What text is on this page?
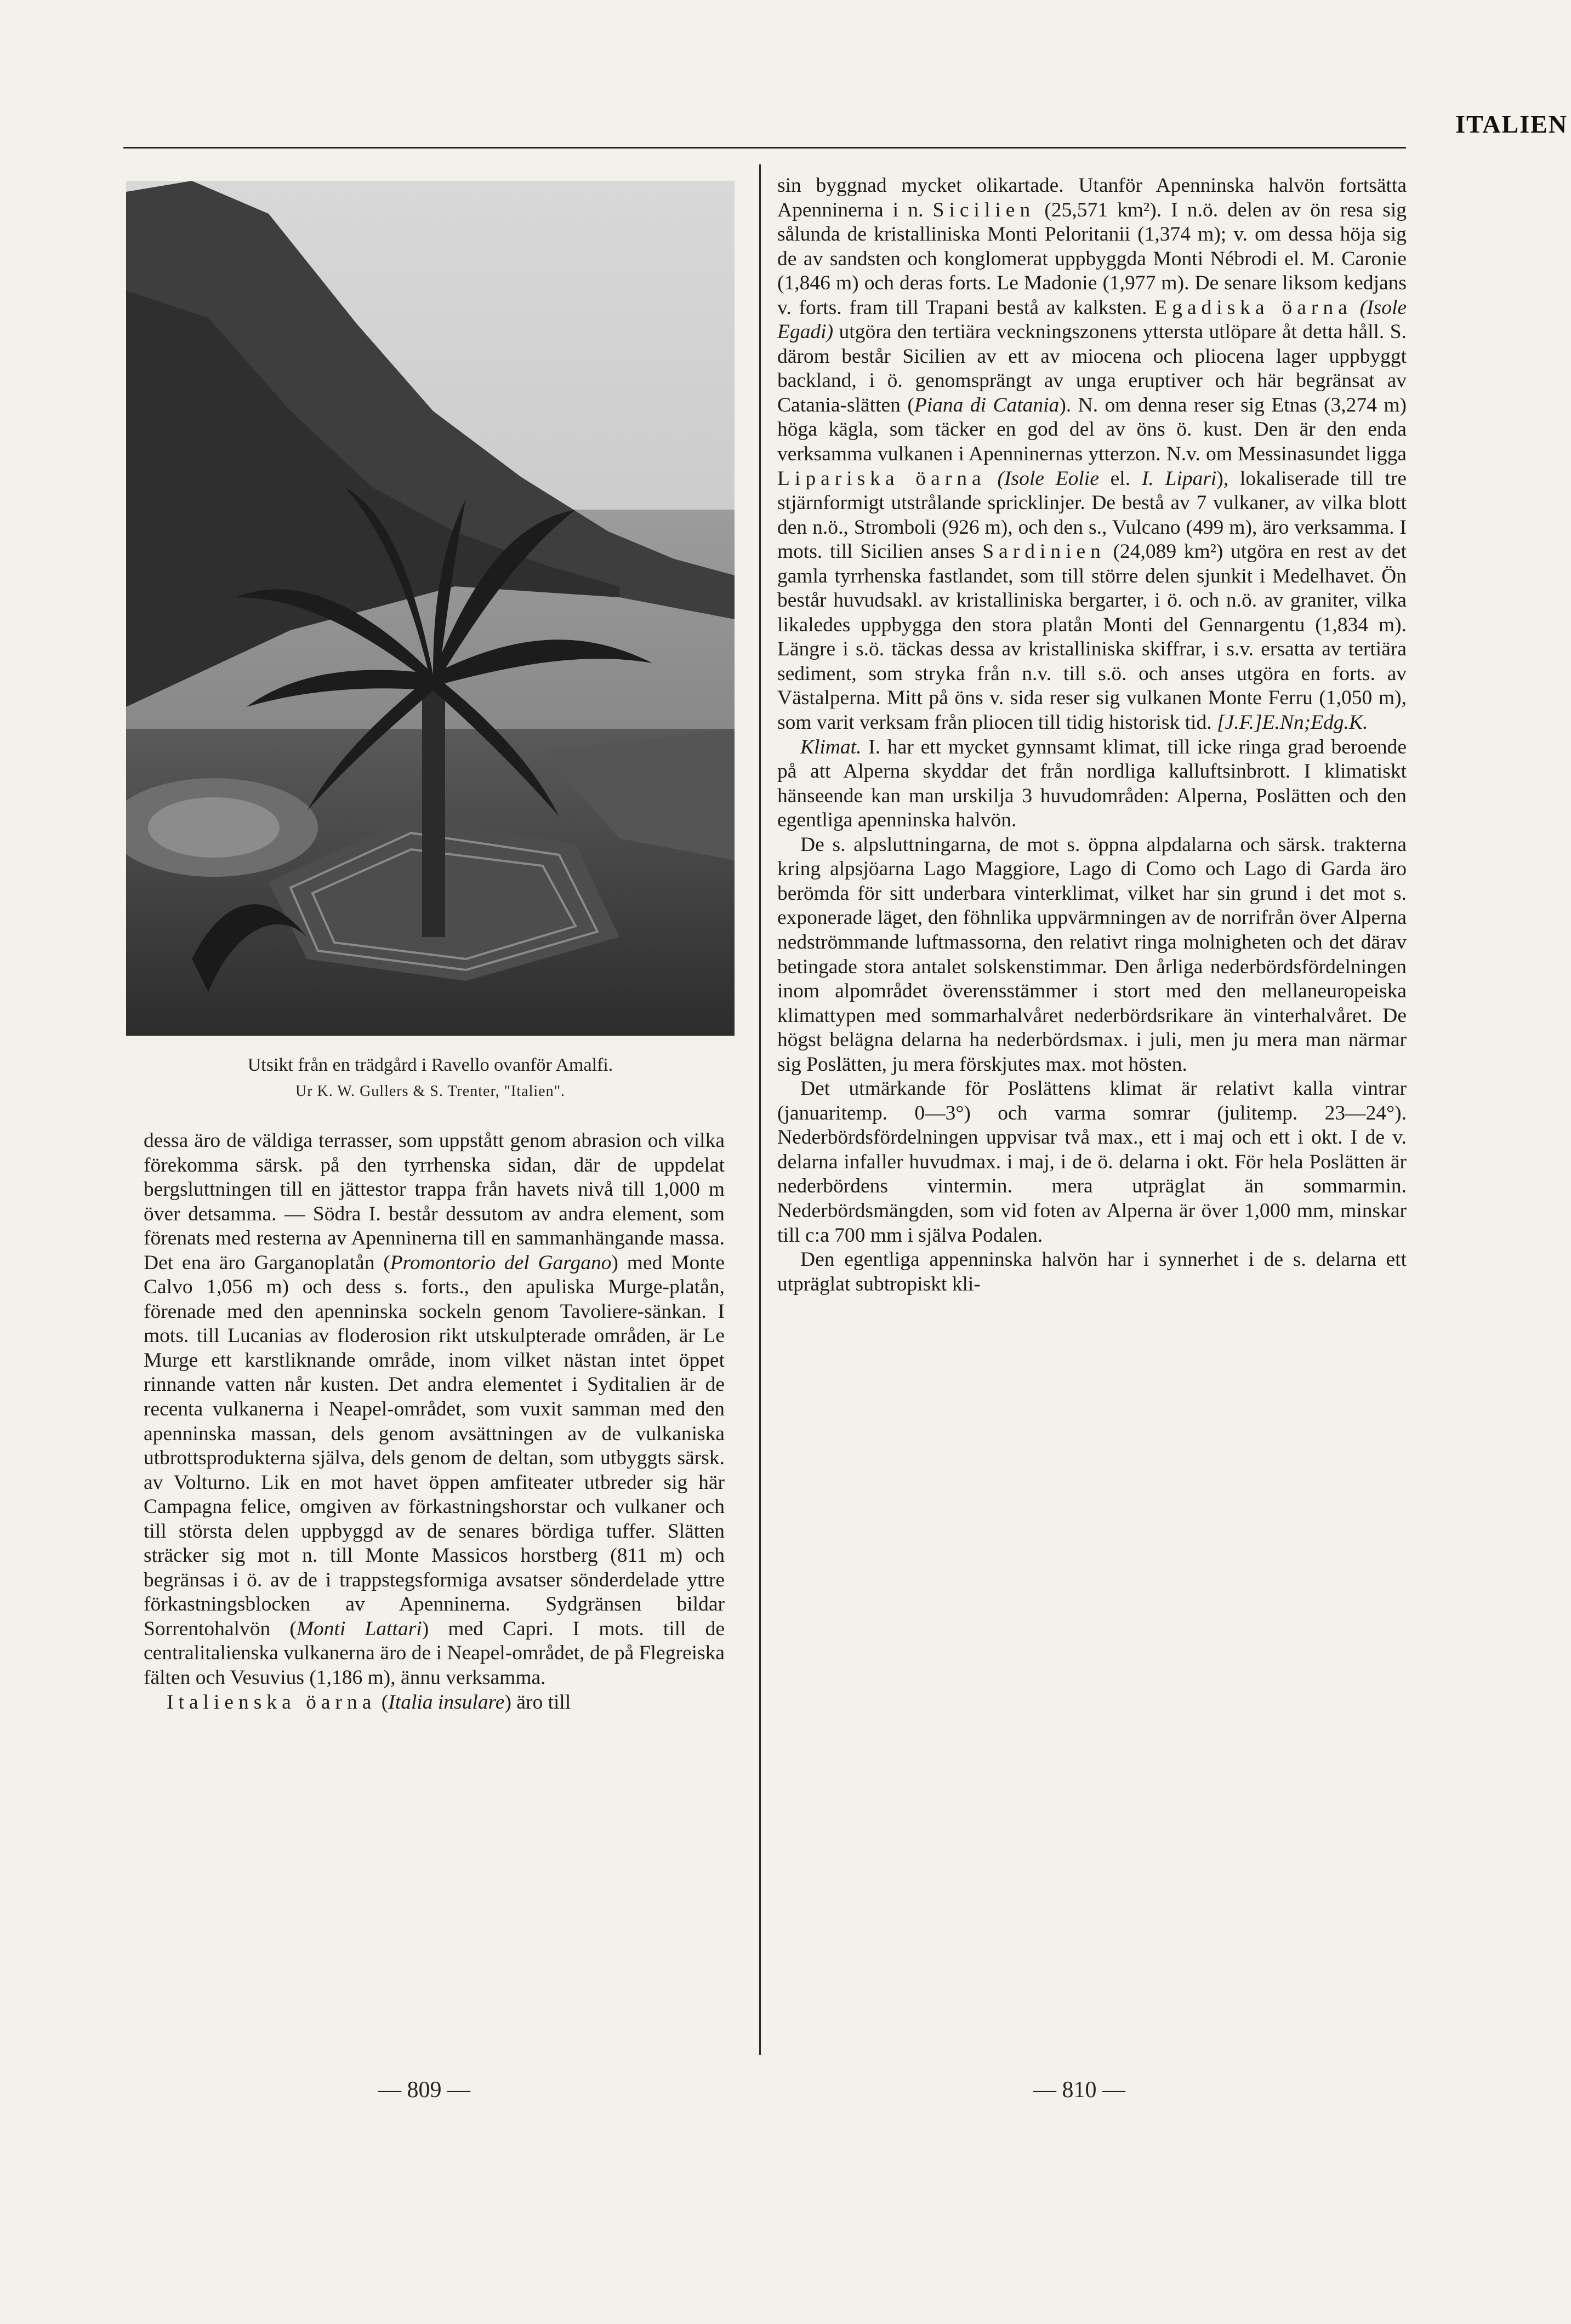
ITALIEN
Utsikt från en trädgård i Ravello ovanför Amalfi.
Ur K. W. Gullers & S. Trenter, "Italien".

dessa äro de väldiga terrasser, som uppstått genom abrasion och vilka förekomma särsk. på den tyrrhenska sidan, där de uppdelat bergsluttningen till en jättestor trappa från havets nivå till 1,000 m över detsamma. — Södra I. består dessutom av andra element, som förenats med resterna av Apenninerna till en sammanhängande massa. Det ena äro Garganoplatån (Promontorio del Gargano) med Monte Calvo 1,056 m) och dess s. forts., den apuliska Murge-platån, förenade med den apenninska sockeln genom Tavoliere-sänkan. I mots. till Lucanias av floderosion rikt utskulpterade områden, är Le Murge ett karstliknande område, inom vilket nästan intet öppet rinnande vatten når kusten. Det andra elementet i Syditalien är de recenta vulkanerna i Neapel-området, som vuxit samman med den apenninska massan, dels genom avsättningen av de vulkaniska utbrottsprodukterna själva, dels genom de deltan, som utbyggts särsk. av Volturno. Lik en mot havet öppen amfiteater utbreder sig här Campagna felice, omgiven av förkastningshorstar och vulkaner och till största delen uppbyggd av de senares bördiga tuffer. Slätten sträcker sig mot n. till Monte Massicos horstberg (811 m) och begränsas i ö. av de i trappstegsformiga avsatser sönderdelade yttre förkastningsblocken av Apenninerna. Sydgränsen bildar Sorrentohalvön (Monti Lattari) med Capri. I mots. till de centralitalienska vulkanerna äro de i Neapel-området, de på Flegreiska fälten och Vesuvius (1,186 m), ännu verksamma.

Italienska öarna (Italia insulare) äro till

sin byggnad mycket olikartade. Utanför Apenninska halvön fortsätta Apenninerna i n. Sicilien (25,571 km²). I n.ö. delen av ön resa sig sålunda de kristalliniska Monti Peloritanii (1,374 m); v. om dessa höja sig de av sandsten och konglomerat uppbyggda Monti Nébrodi el. M. Caronie (1,846 m) och deras forts. Le Madonie (1,977 m). De senare liksom kedjans v. forts. fram till Trapani bestå av kalksten. Egadiska öarna (Isole Egadi) utgöra den tertiära veckningszonens yttersta utlöpare åt detta håll. S. därom består Sicilien av ett av miocena och pliocena lager uppbyggt backland, i ö. genomsprängt av unga eruptiver och här begränsat av Catania-slätten (Piana di Catania). N. om denna reser sig Etnas (3,274 m) höga kägla, som täcker en god del av öns ö. kust. Den är den enda verksamma vulkanen i Apenninernas ytterzon. N.v. om Messinasundet ligga Lipariska öarna (Isole Eolie el. I. Lipari), lokaliserade till tre stjärnformigt utstrålande spricklinjer. De bestå av 7 vulkaner, av vilka blott den n.ö., Stromboli (926 m), och den s., Vulcano (499 m), äro verksamma. I mots. till Sicilien anses Sardinien (24,089 km²) utgöra en rest av det gamla tyrrhenska fastlandet, som till större delen sjunkit i Medelhavet. Ön består huvudsakl. av kristalliniska bergarter, i ö. och n.ö. av graniter, vilka likaledes uppbygga den stora platån Monti del Gennargentu (1,834 m). Längre i s.ö. täckas dessa av kristalliniska skiffrar, i s.v. ersatta av tertiära sediment, som stryka från n.v. till s.ö. och anses utgöra en forts. av Västalperna. Mitt på öns v. sida reser sig vulkanen Monte Ferru (1,050 m), som varit verksam från pliocen till tidig historisk tid. [J.F.]E.Nn;Edg.K.

Klimat. I. har ett mycket gynnsamt klimat, till icke ringa grad beroende på att Alperna skyddar det från nordliga kalluftsinbrott. I klimatiskt hänseende kan man urskilja 3 huvudområden: Alperna, Poslätten och den egentliga apenninska halvön.

De s. alpsluttningarna, de mot s. öppna alpdalarna och särsk. trakterna kring alpsjöarna Lago Maggiore, Lago di Como och Lago di Garda äro berömda för sitt underbara vinterklimat, vilket har sin grund i det mot s. exponerade läget, den föhnlika uppvärmningen av de norrifrån över Alperna nedströmmande luftmassorna, den relativt ringa molnigheten och det därav betingade stora antalet solskenstimmar. Den årliga nederbördsfördelningen inom alpområdet överensstämmer i stort med den mellaneuropeiska klimattypen med sommarhalvåret nederbördsrikare än vinterhalvåret. De högst belägna delarna ha nederbördsmax. i juli, men ju mera man närmar sig Poslätten, ju mera förskjutes max. mot hösten.

Det utmärkande för Poslättens klimat är relativt kalla vintrar (januaritemp. 0—3°) och varma somrar (julitemp. 23—24°). Nederbördsfördelningen uppvisar två max., ett i maj och ett i okt. I de v. delarna infaller huvudmax. i maj, i de ö. delarna i okt. För hela Poslätten är nederbördens vintermin. mera utpräglat än sommarmin. Nederbördsmängden, som vid foten av Alperna är över 1,000 mm, minskar till c:a 700 mm i själva Podalen.

Den egentliga appenninska halvön har i synnerhet i de s. delarna ett utpräglat subtropiskt kli-

— 809 —	— 810 —
